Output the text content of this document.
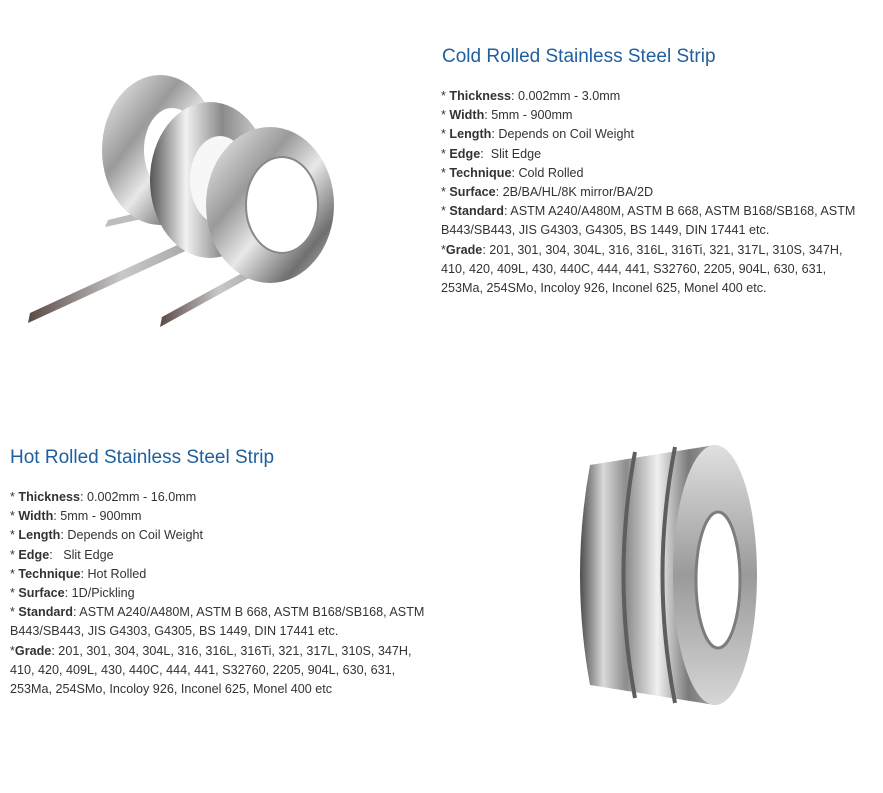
Cold Rolled Stainless Steel Strip
* Thickness: 0.002mm - 3.0mm
* Width: 5mm - 900mm
* Length: Depends on Coil Weight
* Edge:  Slit Edge
* Technique: Cold Rolled
* Surface: 2B/BA/HL/8K mirror/BA/2D
* Standard: ASTM A240/A480M, ASTM B 668, ASTM B168/SB168, ASTM B443/SB443, JIS G4303, G4305, BS 1449, DIN 17441 etc.
*Grade: 201, 301, 304, 304L, 316, 316L, 316Ti, 321, 317L, 310S, 347H, 410, 420, 409L, 430, 440C, 444, 441, S32760, 2205, 904L, 630, 631, 253Ma, 254SMo, Incoloy 926, Inconel 625, Monel 400 etc.
Hot Rolled Stainless Steel Strip
* Thickness: 0.002mm - 16.0mm
* Width: 5mm - 900mm
* Length: Depends on Coil Weight
* Edge:   Slit Edge
* Technique: Hot Rolled
* Surface: 1D/Pickling
* Standard: ASTM A240/A480M, ASTM B 668, ASTM B168/SB168, ASTM B443/SB443, JIS G4303, G4305, BS 1449, DIN 17441 etc.
*Grade: 201, 301, 304, 304L, 316, 316L, 316Ti, 321, 317L, 310S, 347H, 410, 420, 409L, 430, 440C, 444, 441, S32760, 2205, 904L, 630, 631, 253Ma, 254SMo, Incoloy 926, Inconel 625, Monel 400 etc
